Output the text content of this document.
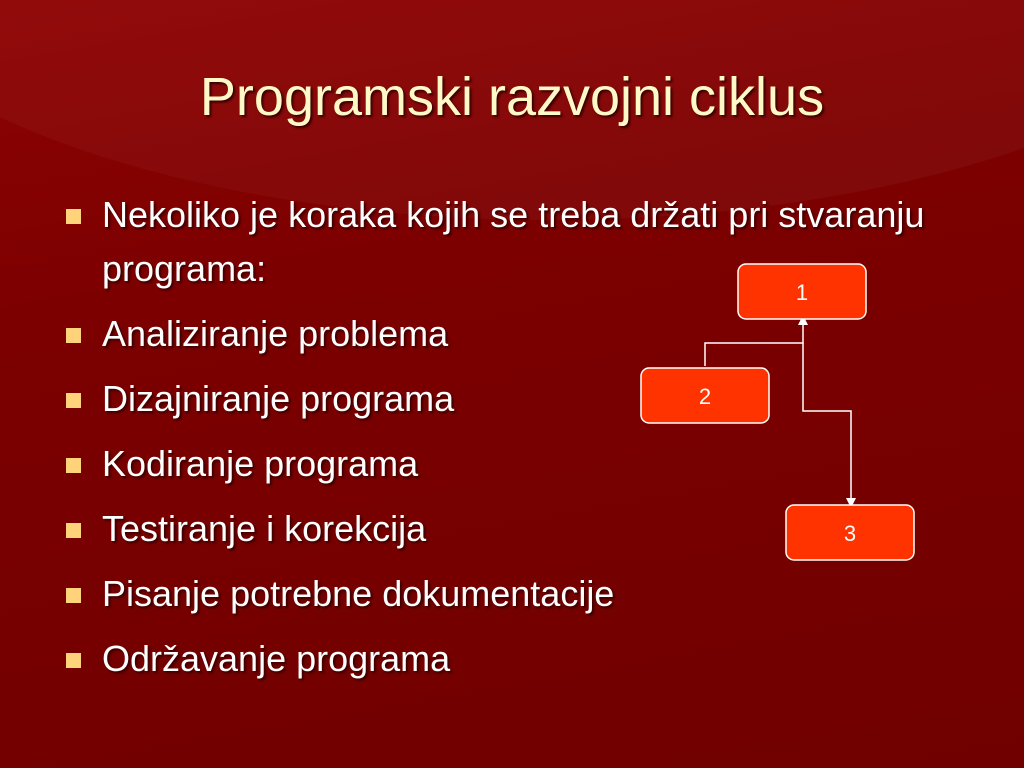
Programski razvojni ciklus
Nekoliko je koraka kojih se treba držati pri stvaranju programa:
Analiziranje problema
Dizajniranje programa
Kodiranje programa
Testiranje i korekcija
Pisanje potrebne dokumentacije
Održavanje programa
1
2
3
